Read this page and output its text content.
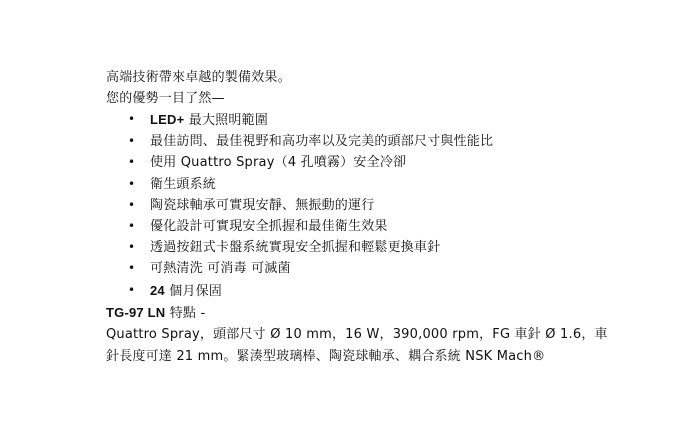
高端技術帶來卓越的製備效果。
您的優勢一目了然—
• LED+ 最大照明範圍
• 最佳訪問、最佳視野和高功率以及完美的頭部尺寸與性能比
• 使用 Quattro Spray（4 孔噴霧）安全冷卻
• 衛生頭系統
• 陶瓷球軸承可實現安靜、無振動的運行
• 優化設計可實現安全抓握和最佳衛生效果
• 透過按鈕式卡盤系統實現安全抓握和輕鬆更換車針
• 可熱清洗 可消毒 可滅菌
• 24 個月保固
TG-97 LN 特點 -
Quattro Spray，頭部尺寸 Ø 10 mm，16 W，390,000 rpm，FG 車針 Ø 1.6，車
針長度可達 21 mm。緊湊型玻璃棒、陶瓷球軸承、耦合系統 NSK Mach®
